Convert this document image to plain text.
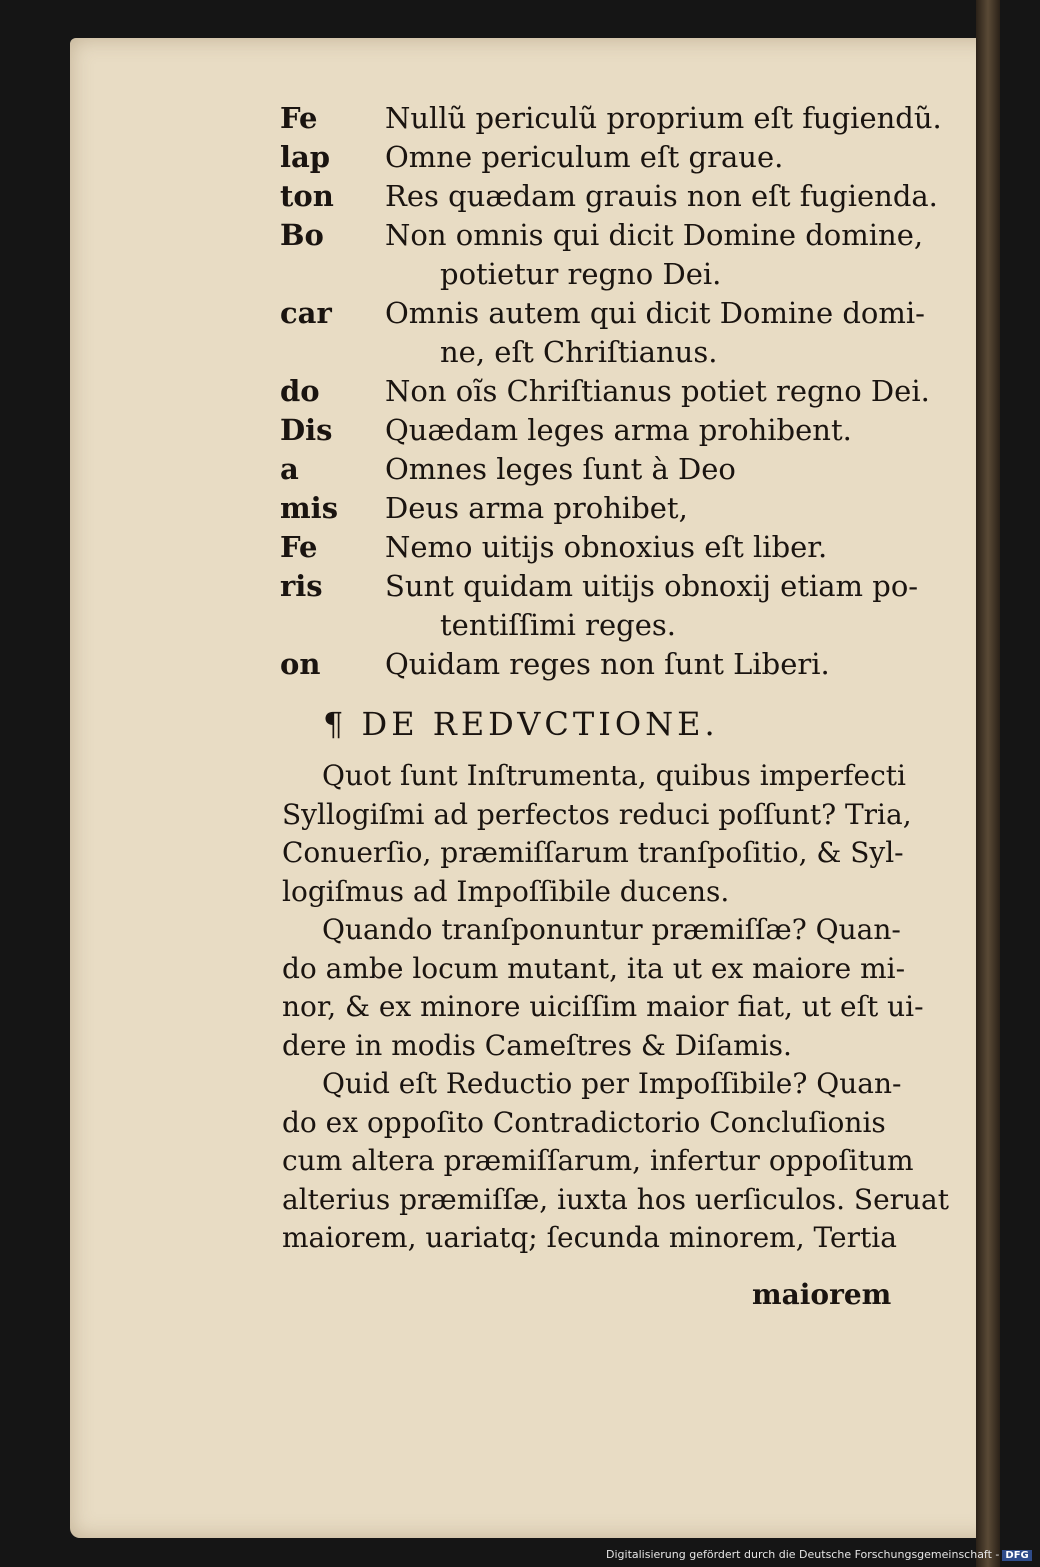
Fe Nullũ periculũ proprium eſt fugiendũ.
lap Omne periculum eſt graue.
ton Res quædam grauis non eſt fugienda.
Bo Non omnis qui dicit Domine domine,
potietur regno Dei.
car Omnis autem qui dicit Domine domi-
ne, eſt Chriſtianus.
do Non oĩs Chriſtianus potiet regno Dei.
Dis Quædam leges arma prohibent.
a	Omnes leges ſunt à Deo
mis Deus arma prohibet,
Fe Nemo uitijs obnoxius eſt liber.
ris Sunt quidam uitijs obnoxij etiam po-
tentiſſimi reges.
on Quidam reges non ſunt Liberi.
¶ DE REDVCTIONE.
Quot ſunt Inſtrumenta, quibus imperfecti
Syllogiſmi ad perfectos reduci poſſunt? Tria,
Conuerſio, præmiſſarum tranſpoſitio, & Syl-
logiſmus ad Impoſſibile ducens.
Quando tranſponuntur præmiſſæ? Quan-
do ambe locum mutant, ita ut ex maiore mi-
nor, & ex minore uiciſſim maior fiat, ut eſt ui-
dere in modis Cameſtres & Diſamis.
Quid eſt Reductio per Impoſſibile? Quan-
do ex oppoſito Contradictorio Concluſionis
cum altera præmiſſarum, infertur oppoſitum
alterius præmiſſæ, iuxta hos uerſiculos. Seruat
maiorem, uariatq; ſecunda minorem, Tertia
maiorem
Digitalisierung gefördert durch die Deutsche Forschungsgemeinschaft - DFG
